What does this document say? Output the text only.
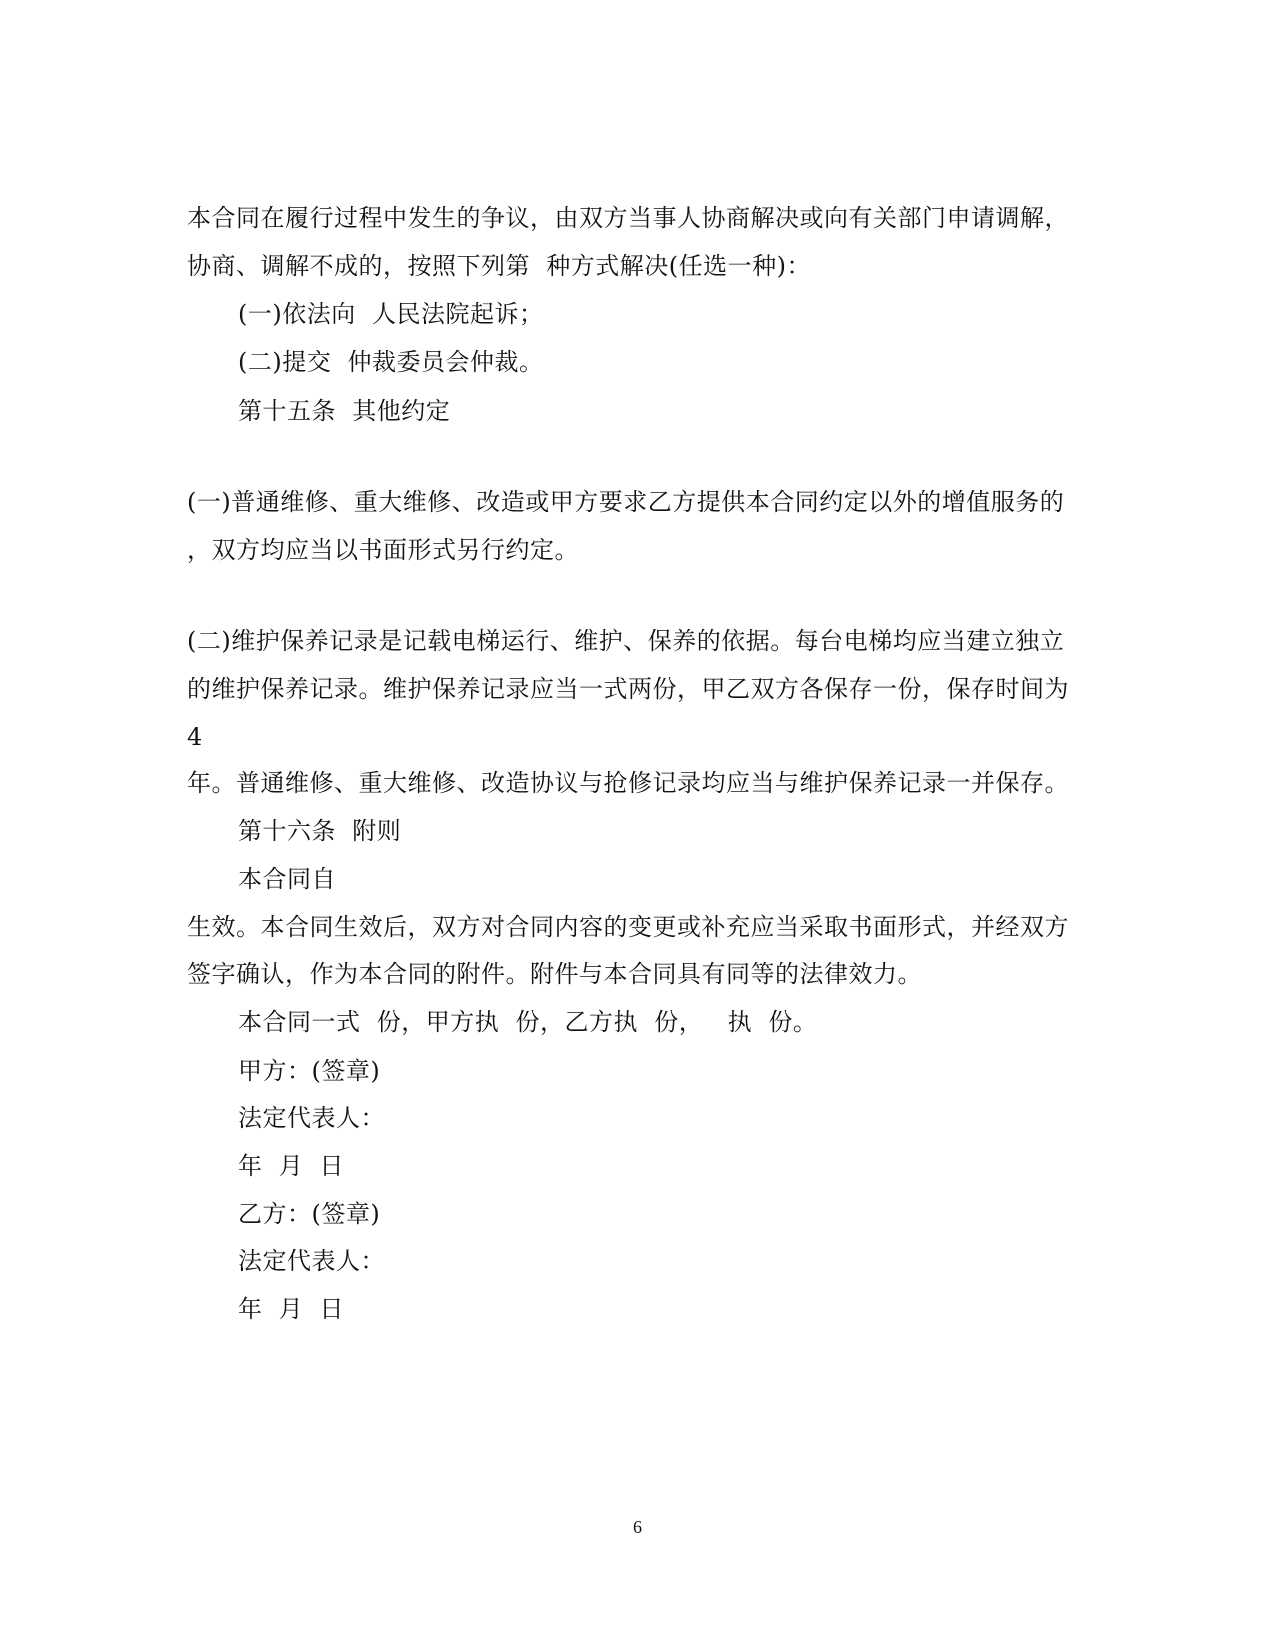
本合同在履行过程中发生的争议，由双方当事人协商解决或向有关部门申请调解，
协商、调解不成的，按照下列第  种方式解决(任选一种)：
(一)依法向  人民法院起诉；
(二)提交  仲裁委员会仲裁。
第十五条  其他约定
(一)普通维修、重大维修、改造或甲方要求乙方提供本合同约定以外的增值服务的
，双方均应当以书面形式另行约定。
(二)维护保养记录是记载电梯运行、维护、保养的依据。每台电梯均应当建立独立
的维护保养记录。维护保养记录应当一式两份，甲乙双方各保存一份，保存时间为
4
年。普通维修、重大维修、改造协议与抢修记录均应当与维护保养记录一并保存。
第十六条  附则
本合同自
生效。本合同生效后，双方对合同内容的变更或补充应当采取书面形式，并经双方
签字确认，作为本合同的附件。附件与本合同具有同等的法律效力。
本合同一式  份，甲方执  份，乙方执  份，   执  份。
甲方：(签章)
法定代表人：
年  月  日
乙方：(签章)
法定代表人：
年  月  日
6
